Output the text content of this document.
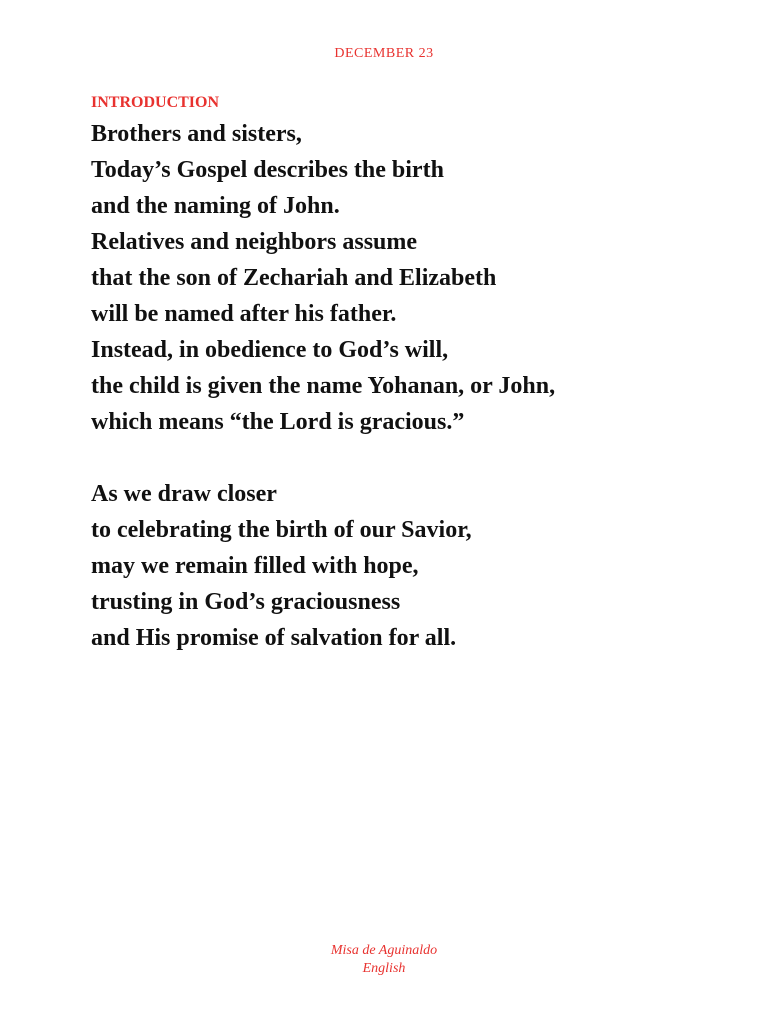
DECEMBER 23
INTRODUCTION
Brothers and sisters,
Today’s Gospel describes the birth
and the naming of John.
Relatives and neighbors assume
that the son of Zechariah and Elizabeth
will be named after his father.
Instead, in obedience to God’s will,
the child is given the name Yohanan, or John,
which means “the Lord is gracious.”
As we draw closer
to celebrating the birth of our Savior,
may we remain filled with hope,
trusting in God’s graciousness
and His promise of salvation for all.
Misa de Aguinaldo
English
